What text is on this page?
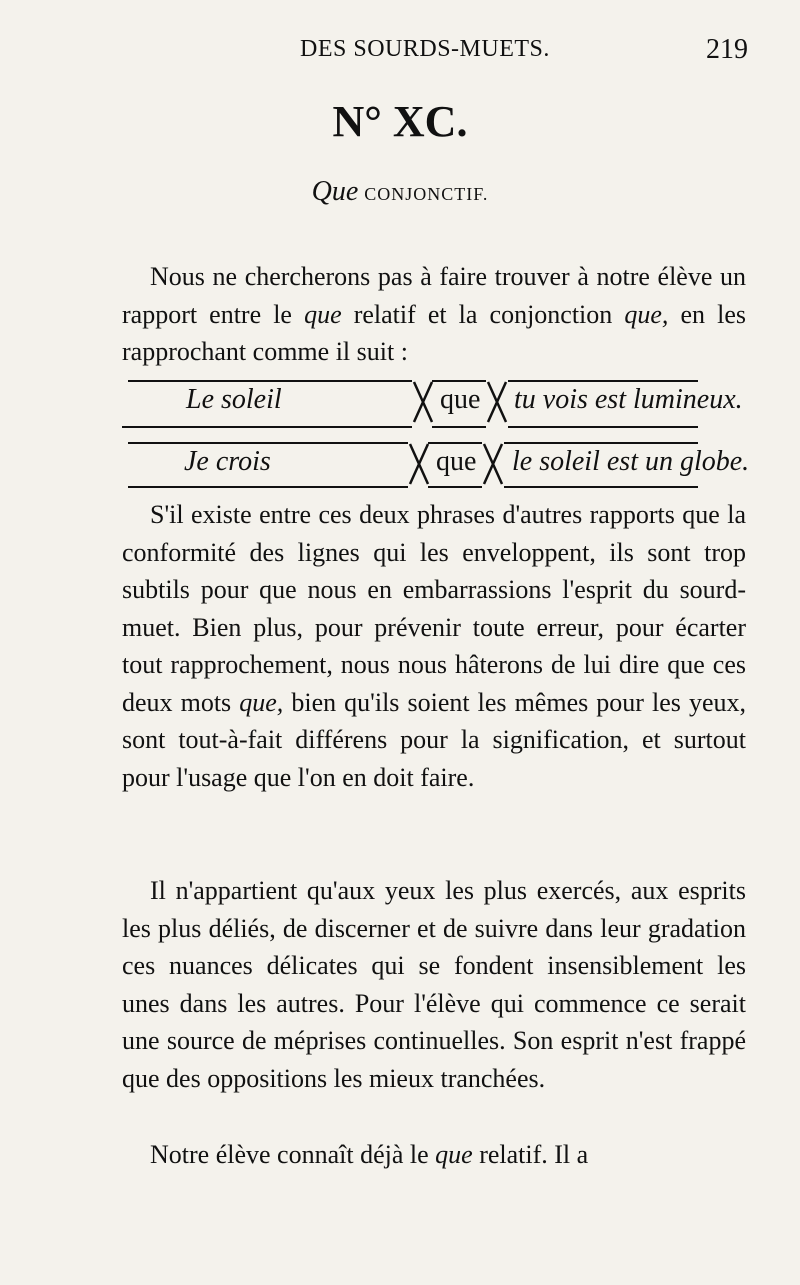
DES SOURDS-MUETS.	219
N° XC.
Que CONJONCTIF.
Nous ne chercherons pas à faire trouver à notre élève un rapport entre le que relatif et la conjonction que, en les rapprochant comme il suit :
Le soleil	que tu vois est lumineux.
Je crois	que le soleil est un globe.
S'il existe entre ces deux phrases d'autres rapports que la conformité des lignes qui les enveloppent, ils sont trop subtils pour que nous en embarrassions l'esprit du sourd-muet. Bien plus, pour prévenir toute erreur, pour écarter tout rapprochement, nous nous hâterons de lui dire que ces deux mots que, bien qu'ils soient les mêmes pour les yeux, sont tout-à-fait différens pour la signification, et surtout pour l'usage que l'on en doit faire.
Il n'appartient qu'aux yeux les plus exercés, aux esprits les plus déliés, de discerner et de suivre dans leur gradation ces nuances délicates qui se fondent insensiblement les unes dans les autres. Pour l'élève qui commence ce serait une source de méprises continuelles. Son esprit n'est frappé que des oppositions les mieux tranchées.
Notre élève connaît déjà le que relatif. Il a
